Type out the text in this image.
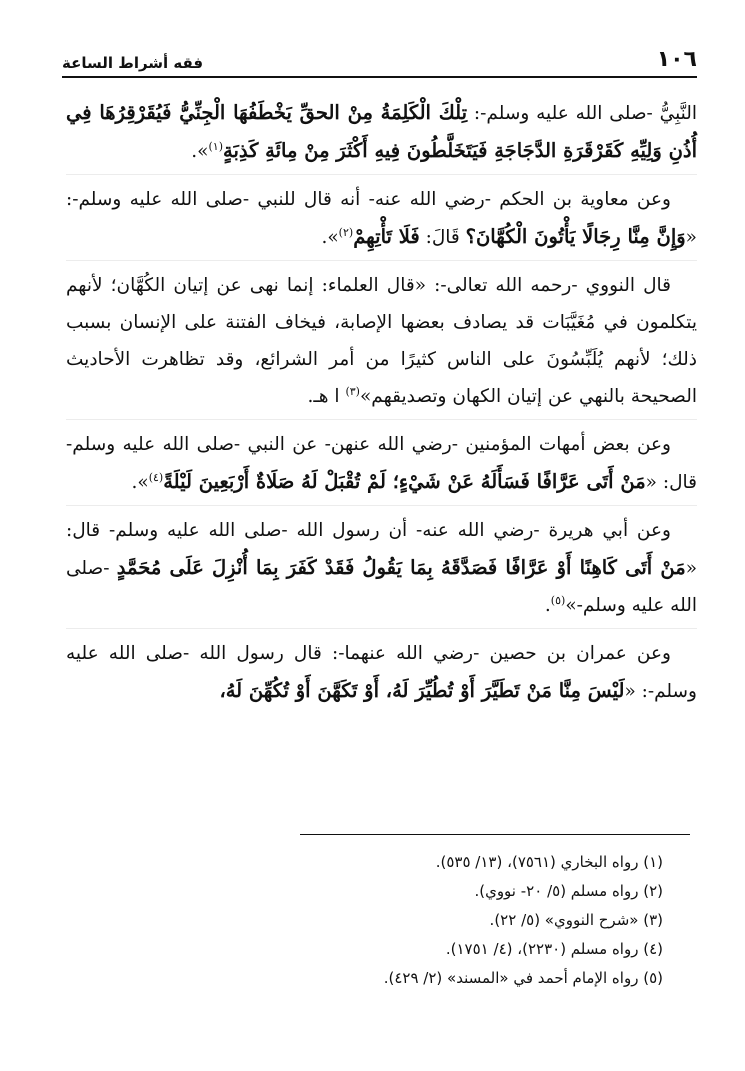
١٠٦
فقه أشراط الساعة

النَّبِيُّ -صلى الله عليه وسلم-: تِلْكَ الْكَلِمَةُ مِنْ الحقِّ يَخْطَفُهَا الْجِنِّيُّ فَيُقَرْقِرُهَا فِي أُذُنِ وَلِيِّهِ كَقَرْقَرَةِ الدَّجَاجَةِ فَيَتَخَلَّطُونَ فِيهِ أَكْثَرَ مِنْ مِائَةِ كَذِبَةٍ$^{(١)}$».

وعن معاوية بن الحكم -رضي الله عنه- أنه قال للنبي -صلى الله عليه وسلم-: «وَإِنَّ مِنَّا رِجَالًا يَأْتُونَ الْكُهَّانَ؟ قَالَ: فَلَا تَأْتِهِمْ$^{(٢)}$».

قال النووي -رحمه الله تعالى-: «قال العلماء: إنما نهى عن إتيان الكُهَّان؛ لأنهم يتكلمون في مُغَيَّبَات قد يصادف بعضها الإصابة، فيخاف الفتنة على الإنسان بسبب ذلك؛ لأنهم يُلَبِّسُونَ على الناس كثيرًا من أمر الشرائع، وقد تظاهرت الأحاديث الصحيحة بالنهي عن إتيان الكهان وتصديقهم»$^{(٣)}$ ا هـ.

وعن بعض أمهات المؤمنين -رضي الله عنهن- عن النبي -صلى الله عليه وسلم- قال: «مَنْ أَتَى عَرَّافًا فَسَأَلَهُ عَنْ شَيْءٍ؛ لَمْ تُقْبَلْ لَهُ صَلَاةٌ أَرْبَعِينَ لَيْلَةً$^{(٤)}$».

وعن أبي هريرة -رضي الله عنه- أن رسول الله -صلى الله عليه وسلم- قال: «مَنْ أَتَى كَاهِنًا أَوْ عَرَّافًا فَصَدَّقَهُ بِمَا يَقُولُ فَقَدْ كَفَرَ بِمَا أُنْزِلَ عَلَى مُحَمَّدٍ -صلى الله عليه وسلم-»$^{(٥)}$.

وعن عمران بن حصين -رضي الله عنهما-: قال رسول الله -صلى الله عليه وسلم-: «لَيْسَ مِنَّا مَنْ تَطَيَّرَ أَوْ تُطُيِّرَ لَهُ، أَوْ تَكَهَّنَ أَوْ تُكُهِّنَ لَهُ،

(١) رواه البخاري (٧٥٦١)، (١٣/ ٥٣٥).
(٢) رواه مسلم (٥/ ٢٠- نووي).
(٣) «شرح النووي» (٥/ ٢٢).
(٤) رواه مسلم (٢٢٣٠)، (٤/ ١٧٥١).
(٥) رواه الإمام أحمد في «المسند» (٢/ ٤٢٩).
